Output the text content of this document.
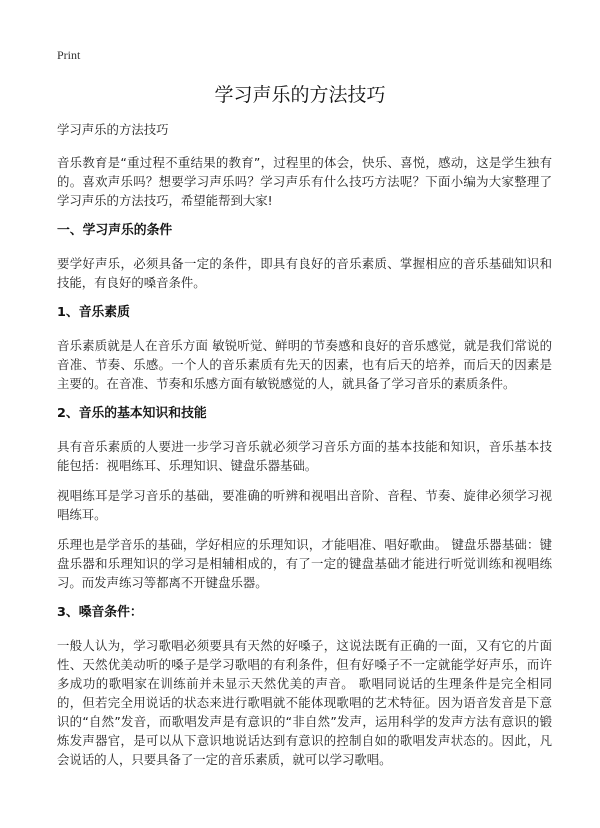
Print
学习声乐的方法技巧

学习声乐的方法技巧

音乐教育是“重过程不重结果的教育”，过程里的体会，快乐、喜悦，感动，这是学生独有的。喜欢声乐吗？想要学习声乐吗？学习声乐有什么技巧方法呢？下面小编为大家整理了学习声乐的方法技巧，希望能帮到大家!

一、学习声乐的条件

要学好声乐，必须具备一定的条件，即具有良好的音乐素质、掌握相应的音乐基础知识和技能，有良好的嗓音条件。

1、音乐素质

音乐素质就是人在音乐方面 敏锐听觉、鲜明的节奏感和良好的音乐感觉，就是我们常说的音准、节奏、乐感。一个人的音乐素质有先天的因素，也有后天的培养，而后天的因素是主要的。在音准、节奏和乐感方面有敏锐感觉的人，就具备了学习音乐的素质条件。

2、音乐的基本知识和技能

具有音乐素质的人要进一步学习音乐就必须学习音乐方面的基本技能和知识，音乐基本技能包括：视唱练耳、乐理知识、键盘乐器基础。

视唱练耳是学习音乐的基础，要准确的听辨和视唱出音阶、音程、节奏、旋律必须学习视唱练耳。

乐理也是学音乐的基础，学好相应的乐理知识，才能唱准、唱好歌曲。 键盘乐器基础：键盘乐器和乐理知识的学习是相辅相成的，有了一定的键盘基础才能进行听觉训练和视唱练习。而发声练习等都离不开键盘乐器。

3、嗓音条件：

一般人认为，学习歌唱必须要具有天然的好嗓子，这说法既有正确的一面，又有它的片面性、天然优美动听的嗓子是学习歌唱的有利条件，但有好嗓子不一定就能学好声乐，而许多成功的歌唱家在训练前并未显示天然优美的声音。 歌唱同说话的生理条件是完全相同的，但若完全用说话的状态来进行歌唱就不能体现歌唱的艺术特征。因为语音发音是下意识的“自然”发音，而歌唱发声是有意识的“非自然”发声，运用科学的发声方法有意识的锻炼发声器官，是可以从下意识地说话达到有意识的控制自如的歌唱发声状态的。因此，凡会说话的人，只要具备了一定的音乐素质，就可以学习歌唱。
